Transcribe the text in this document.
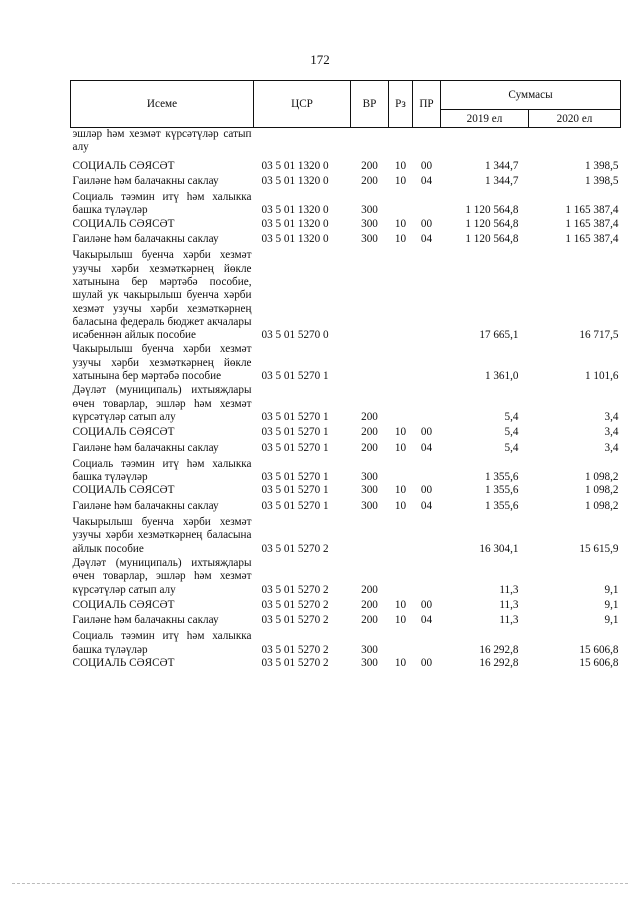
172
Исеме	ЦСР	ВР	Рз	ПР	Суммасы	
					2019 ел	2020 ел
эшләр һәм хезмәт күрсәтүләр сатып алу						
СОЦИАЛЬ СӘЯСӘТ	03 5 01 1320 0	200	10	00	1 344,7	1 398,5
Гаиләне һәм балачакны саклау	03 5 01 1320 0	200	10	04	1 344,7	1 398,5
Социаль тәэмин итү һәм халыкка башка түләүләр	03 5 01 1320 0	300			1 120 564,8	1 165 387,4
СОЦИАЛЬ СӘЯСӘТ	03 5 01 1320 0	300	10	00	1 120 564,8	1 165 387,4
Гаиләне һәм балачакны саклау	03 5 01 1320 0	300	10	04	1 120 564,8	1 165 387,4
Чакырылыш буенча хәрби хезмәт узучы хәрби хезмәткәрнең йөкле хатынына бер мәртәбә пособие, шулай ук чакырылыш буенча хәрби хезмәт узучы хәрби хезмәткәрнең баласына федераль бюджет акчалары исәбеннән айлык пособие	03 5 01 5270 0				17 665,1	16 717,5
Чакырылыш буенча хәрби хезмәт узучы хәрби хезмәткәрнең йөкле хатынына бер мәртәбә пособие	03 5 01 5270 1				1 361,0	1 101,6
Дәүләт (муниципаль) ихтыяҗлары өчен товарлар, эшләр һәм хезмәт күрсәтүләр сатып алу	03 5 01 5270 1	200			5,4	3,4
СОЦИАЛЬ СӘЯСӘТ	03 5 01 5270 1	200	10	00	5,4	3,4
Гаиләне һәм балачакны саклау	03 5 01 5270 1	200	10	04	5,4	3,4
Социаль тәэмин итү һәм халыкка башка түләүләр	03 5 01 5270 1	300			1 355,6	1 098,2
СОЦИАЛЬ СӘЯСӘТ	03 5 01 5270 1	300	10	00	1 355,6	1 098,2
Гаиләне һәм балачакны саклау	03 5 01 5270 1	300	10	04	1 355,6	1 098,2
Чакырылыш буенча хәрби хезмәт узучы хәрби хезмәткәрнең баласына айлык пособие	03 5 01 5270 2				16 304,1	15 615,9
Дәүләт (муниципаль) ихтыяҗлары өчен товарлар, эшләр һәм хезмәт күрсәтүләр сатып алу	03 5 01 5270 2	200			11,3	9,1
СОЦИАЛЬ СӘЯСӘТ	03 5 01 5270 2	200	10	00	11,3	9,1
Гаиләне һәм балачакны саклау	03 5 01 5270 2	200	10	04	11,3	9,1
Социаль тәэмин итү һәм халыкка башка түләүләр	03 5 01 5270 2	300			16 292,8	15 606,8
СОЦИАЛЬ СӘЯСӘТ	03 5 01 5270 2	300	10	00	16 292,8	15 606,8
